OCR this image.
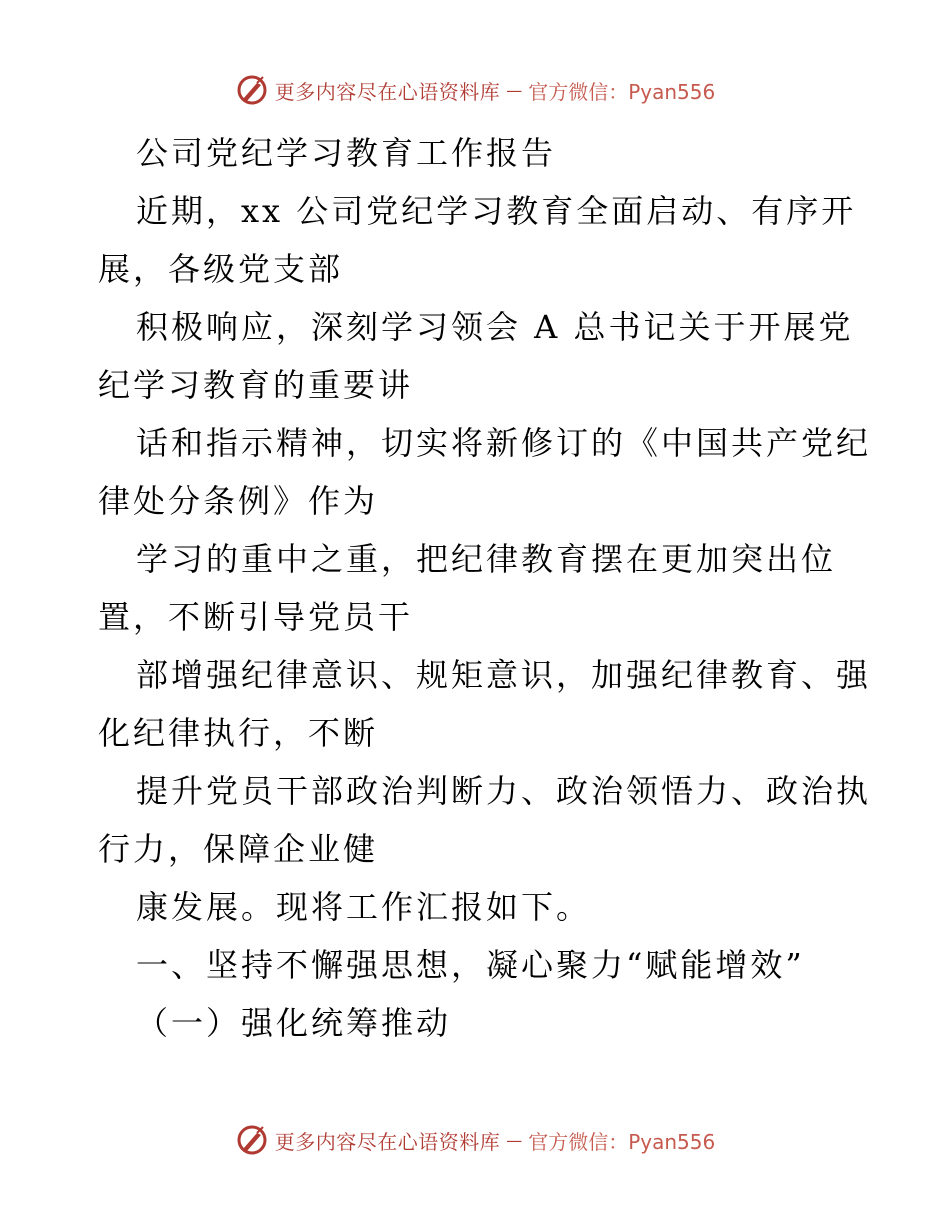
更多内容尽在心语资料库 — 官方微信：Pyan556
公司党纪学习教育工作报告
近期，xx 公司党纪学习教育全面启动、有序开
展，各级党支部
积极响应，深刻学习领会 A 总书记关于开展党
纪学习教育的重要讲
话和指示精神，切实将新修订的《中国共产党纪
律处分条例》作为
学习的重中之重，把纪律教育摆在更加突出位
置，不断引导党员干
部增强纪律意识、规矩意识，加强纪律教育、强
化纪律执行，不断
提升党员干部政治判断力、政治领悟力、政治执
行力，保障企业健
康发展。现将工作汇报如下。
一、坚持不懈强思想，凝心聚力“赋能增效”
（一）强化统筹推动
更多内容尽在心语资料库 — 官方微信：Pyan556
